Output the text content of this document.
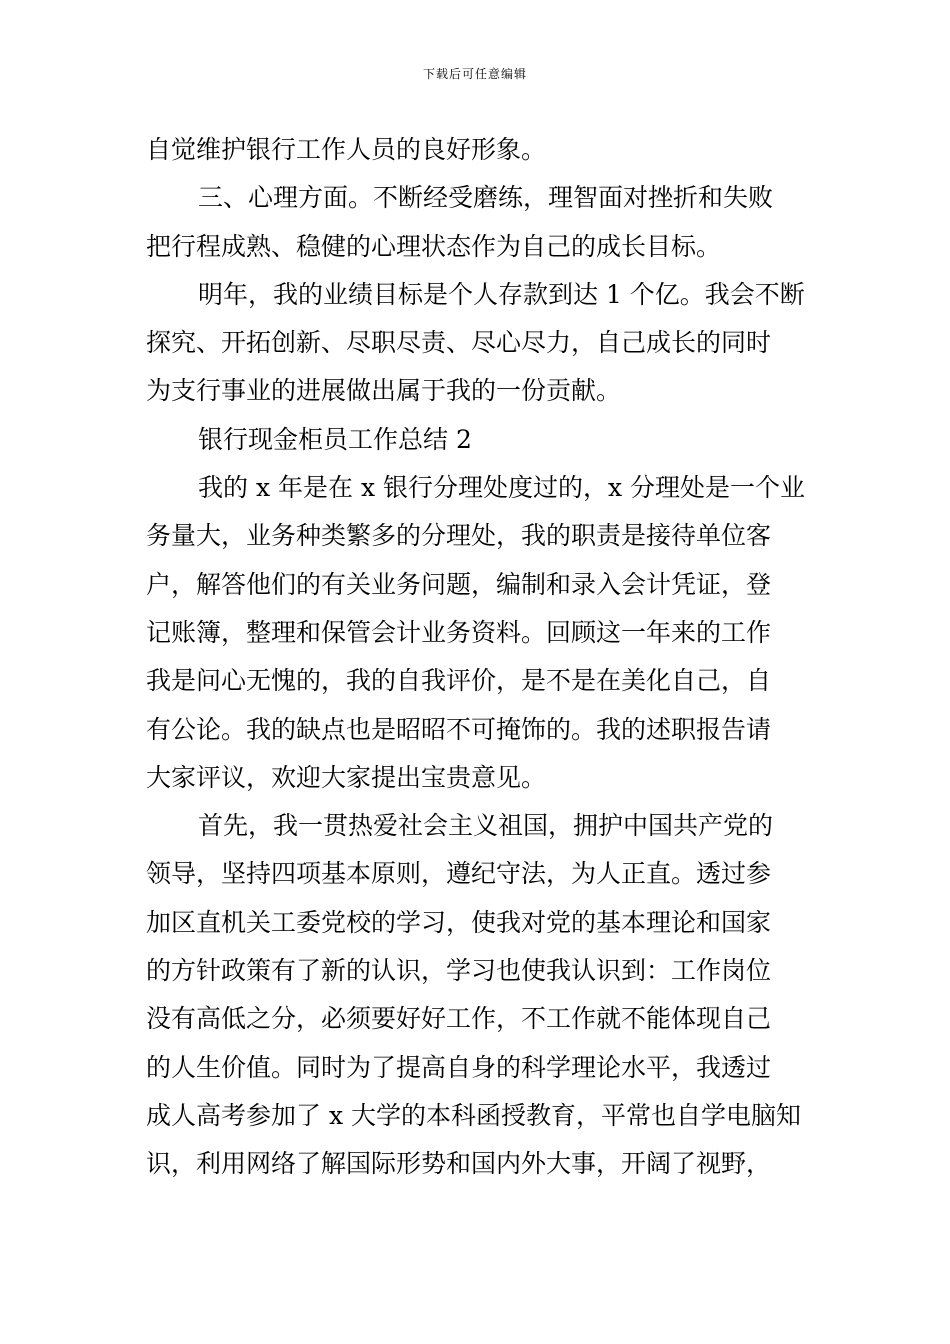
下载后可任意编辑
自觉维护银行工作人员的良好形象。
三、心理方面。不断经受磨练，理智面对挫折和失败
把行程成熟、稳健的心理状态作为自己的成长目标。
明年，我的业绩目标是个人存款到达 1 个亿。我会不断
探究、开拓创新、尽职尽责、尽心尽力，自己成长的同时
为支行事业的进展做出属于我的一份贡献。
银行现金柜员工作总结 2
我的 x 年是在 x 银行分理处度过的，x 分理处是一个业
务量大，业务种类繁多的分理处，我的职责是接待单位客
户，解答他们的有关业务问题，编制和录入会计凭证，登
记账簿，整理和保管会计业务资料。回顾这一年来的工作
我是问心无愧的，我的自我评价，是不是在美化自己，自
有公论。我的缺点也是昭昭不可掩饰的。我的述职报告请
大家评议，欢迎大家提出宝贵意见。
首先，我一贯热爱社会主义祖国，拥护中国共产党的
领导，坚持四项基本原则，遵纪守法，为人正直。透过参
加区直机关工委党校的学习，使我对党的基本理论和国家
的方针政策有了新的认识，学习也使我认识到：工作岗位
没有高低之分，必须要好好工作，不工作就不能体现自己
的人生价值。同时为了提高自身的科学理论水平，我透过
成人高考参加了 x 大学的本科函授教育，平常也自学电脑知
识，利用网络了解国际形势和国内外大事，开阔了视野，
